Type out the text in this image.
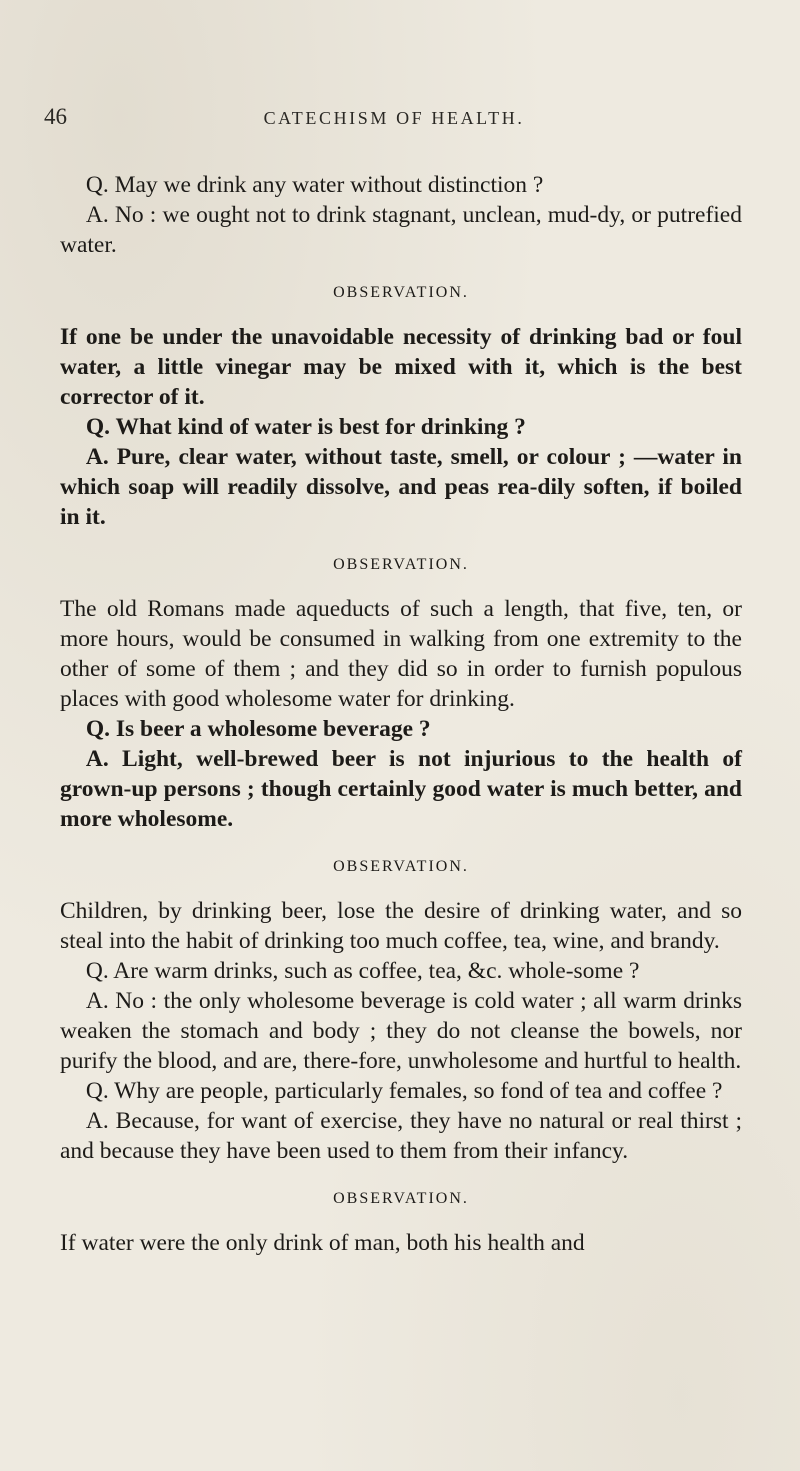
46	CATECHISM OF HEALTH.

Q. May we drink any water without distinction ?

A. No : we ought not to drink stagnant, unclean, mud-dy, or putrefied water.

OBSERVATION.

If one be under the unavoidable necessity of drinking bad or foul water, a little vinegar may be mixed with it, which is the best corrector of it.

Q. What kind of water is best for drinking ?

A. Pure, clear water, without taste, smell, or colour ; —water in which soap will readily dissolve, and peas rea-dily soften, if boiled in it.

OBSERVATION.

The old Romans made aqueducts of such a length, that five, ten, or more hours, would be consumed in walking from one extremity to the other of some of them ; and they did so in order to furnish populous places with good wholesome water for drinking.

Q. Is beer a wholesome beverage ?

A. Light, well-brewed beer is not injurious to the health of grown-up persons ; though certainly good water is much better, and more wholesome.

OBSERVATION.

Children, by drinking beer, lose the desire of drinking water, and so steal into the habit of drinking too much coffee, tea, wine, and brandy.

Q. Are warm drinks, such as coffee, tea, &c. whole-some ?

A. No : the only wholesome beverage is cold water ; all warm drinks weaken the stomach and body ; they do not cleanse the bowels, nor purify the blood, and are, there-fore, unwholesome and hurtful to health.

Q. Why are people, particularly females, so fond of tea and coffee ?

A. Because, for want of exercise, they have no natural or real thirst ; and because they have been used to them from their infancy.

OBSERVATION.

If water were the only drink of man, both his health and
